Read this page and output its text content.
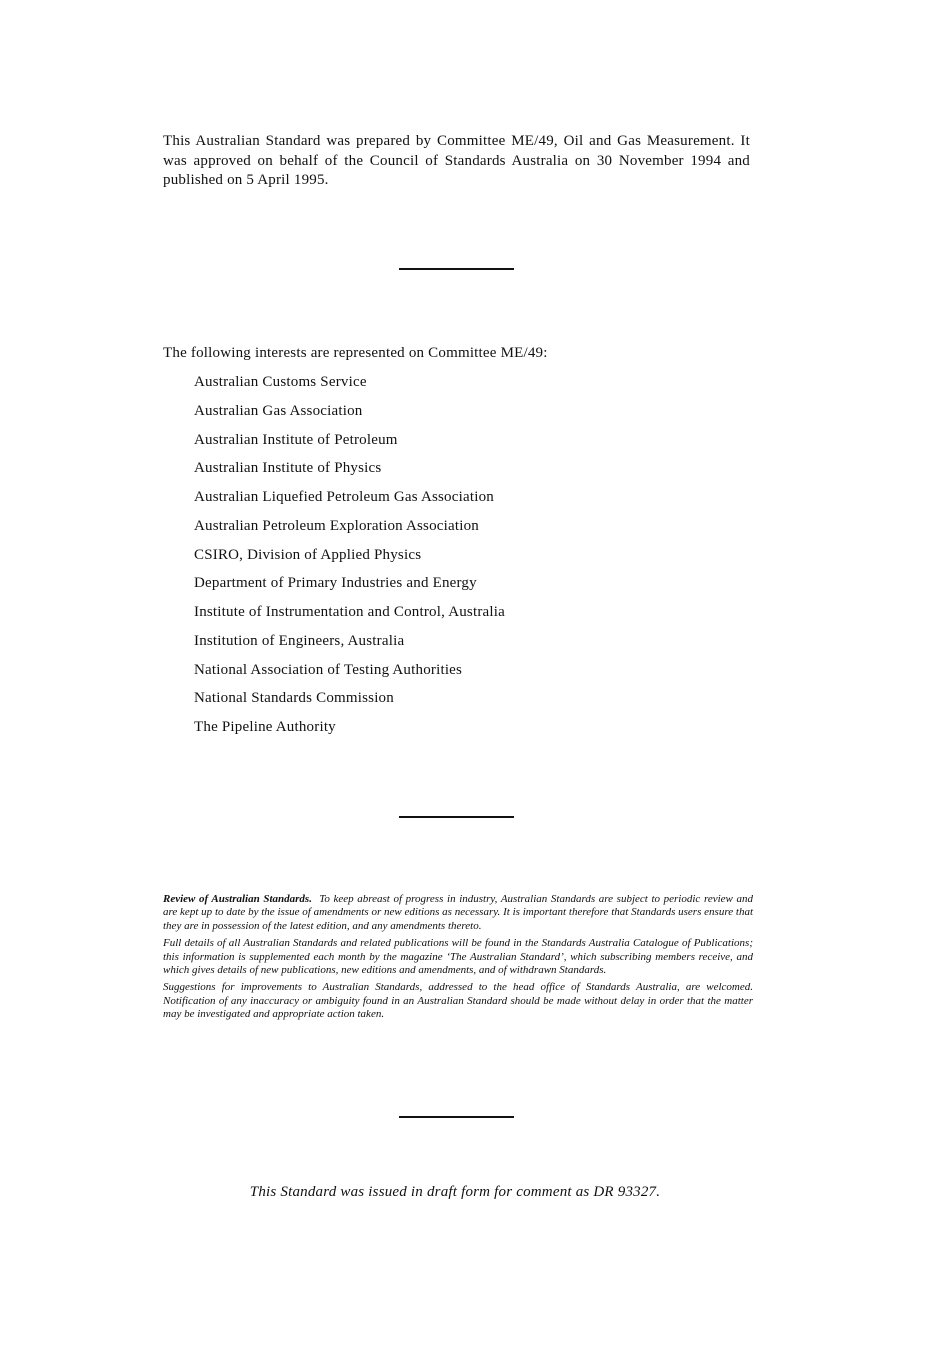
This Australian Standard was prepared by Committee ME/49, Oil and Gas Measurement. It was approved on behalf of the Council of Standards Australia on 30 November 1994 and published on 5 April 1995.
The following interests are represented on Committee ME/49:
Australian Customs Service
Australian Gas Association
Australian Institute of Petroleum
Australian Institute of Physics
Australian Liquefied Petroleum Gas Association
Australian Petroleum Exploration Association
CSIRO, Division of Applied Physics
Department of Primary Industries and Energy
Institute of Instrumentation and Control, Australia
Institution of Engineers, Australia
National Association of Testing Authorities
National Standards Commission
The Pipeline Authority

Review of Australian Standards. To keep abreast of progress in industry, Australian Standards are subject to periodic review and are kept up to date by the issue of amendments or new editions as necessary. It is important therefore that Standards users ensure that they are in possession of the latest edition, and any amendments thereto.

Full details of all Australian Standards and related publications will be found in the Standards Australia Catalogue of Publications; this information is supplemented each month by the magazine ‘The Australian Standard’, which subscribing members receive, and which gives details of new publications, new editions and amendments, and of withdrawn Standards.

Suggestions for improvements to Australian Standards, addressed to the head office of Standards Australia, are welcomed. Notification of any inaccuracy or ambiguity found in an Australian Standard should be made without delay in order that the matter may be investigated and appropriate action taken.

This Standard was issued in draft form for comment as DR 93327.
